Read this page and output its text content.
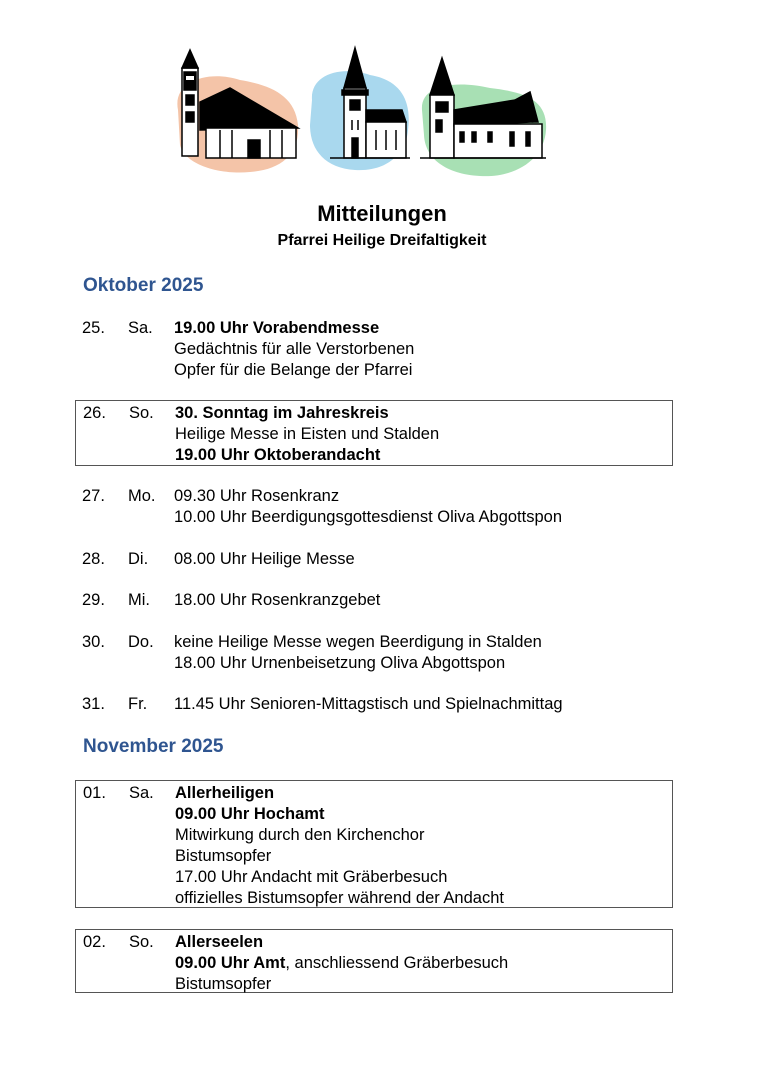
Mitteilungen
Pfarrei Heilige Dreifaltigkeit
Oktober 2025
25. Sa. 19.00 Uhr Vorabendmesse
Gedächtnis für alle Verstorbenen
Opfer für die Belange der Pfarrei
26. So. 30. Sonntag im Jahreskreis
Heilige Messe in Eisten und Stalden
19.00 Uhr Oktoberandacht
27. Mo. 09.30 Uhr Rosenkranz
10.00 Uhr Beerdigungsgottesdienst Oliva Abgottspon
28. Di. 08.00 Uhr Heilige Messe
29. Mi. 18.00 Uhr Rosenkranzgebet
30. Do. keine Heilige Messe wegen Beerdigung in Stalden
18.00 Uhr Urnenbeisetzung Oliva Abgottspon
31. Fr. 11.45 Uhr Senioren-Mittagstisch und Spielnachmittag
November 2025
01. Sa. Allerheiligen
09.00 Uhr Hochamt
Mitwirkung durch den Kirchenchor
Bistumsopfer
17.00 Uhr Andacht mit Gräberbesuch
offizielles Bistumsopfer während der Andacht
02. So. Allerseelen
09.00 Uhr Amt, anschliessend Gräberbesuch
Bistumsopfer
